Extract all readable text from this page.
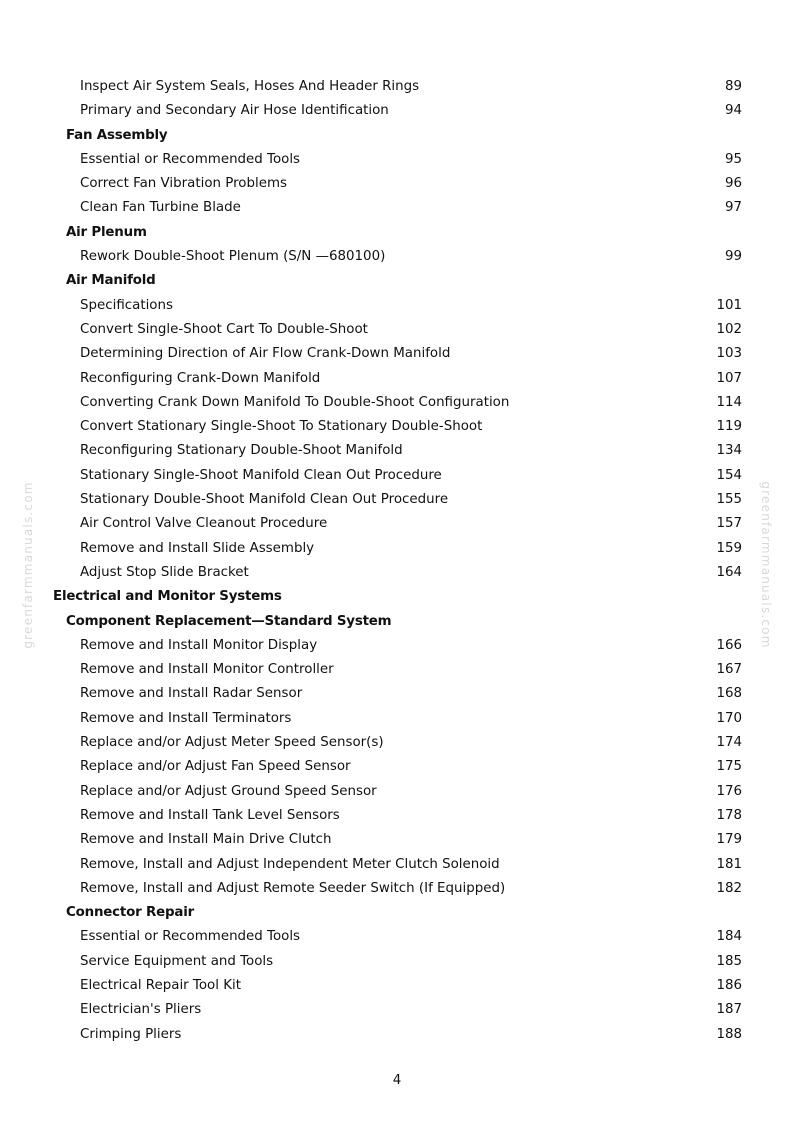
Inspect Air System Seals, Hoses And Header Rings	89
Primary and Secondary Air Hose Identification	94
Fan Assembly
Essential or Recommended Tools	95
Correct Fan Vibration Problems	96
Clean Fan Turbine Blade	97
Air Plenum
Rework Double-Shoot Plenum (S/N —680100)	99
Air Manifold
Specifications	101
Convert Single-Shoot Cart To Double-Shoot	102
Determining Direction of Air Flow Crank-Down Manifold	103
Reconfiguring Crank-Down Manifold	107
Converting Crank Down Manifold To Double-Shoot Configuration	114
Convert Stationary Single-Shoot To Stationary Double-Shoot	119
Reconfiguring Stationary Double-Shoot Manifold	134
Stationary Single-Shoot Manifold Clean Out Procedure	154
Stationary Double-Shoot Manifold Clean Out Procedure	155
Air Control Valve Cleanout Procedure	157
Remove and Install Slide Assembly	159
Adjust Stop Slide Bracket	164
Electrical and Monitor Systems
Component Replacement—Standard System
Remove and Install Monitor Display	166
Remove and Install Monitor Controller	167
Remove and Install Radar Sensor	168
Remove and Install Terminators	170
Replace and/or Adjust Meter Speed Sensor(s)	174
Replace and/or Adjust Fan Speed Sensor	175
Replace and/or Adjust Ground Speed Sensor	176
Remove and Install Tank Level Sensors	178
Remove and Install Main Drive Clutch	179
Remove, Install and Adjust Independent Meter Clutch Solenoid	181
Remove, Install and Adjust Remote Seeder Switch (If Equipped)	182
Connector Repair
Essential or Recommended Tools	184
Service Equipment and Tools	185
Electrical Repair Tool Kit	186
Electrician's Pliers	187
Crimping Pliers	188
greenfarmmanuals.com	greenfarmmanuals.com
4
